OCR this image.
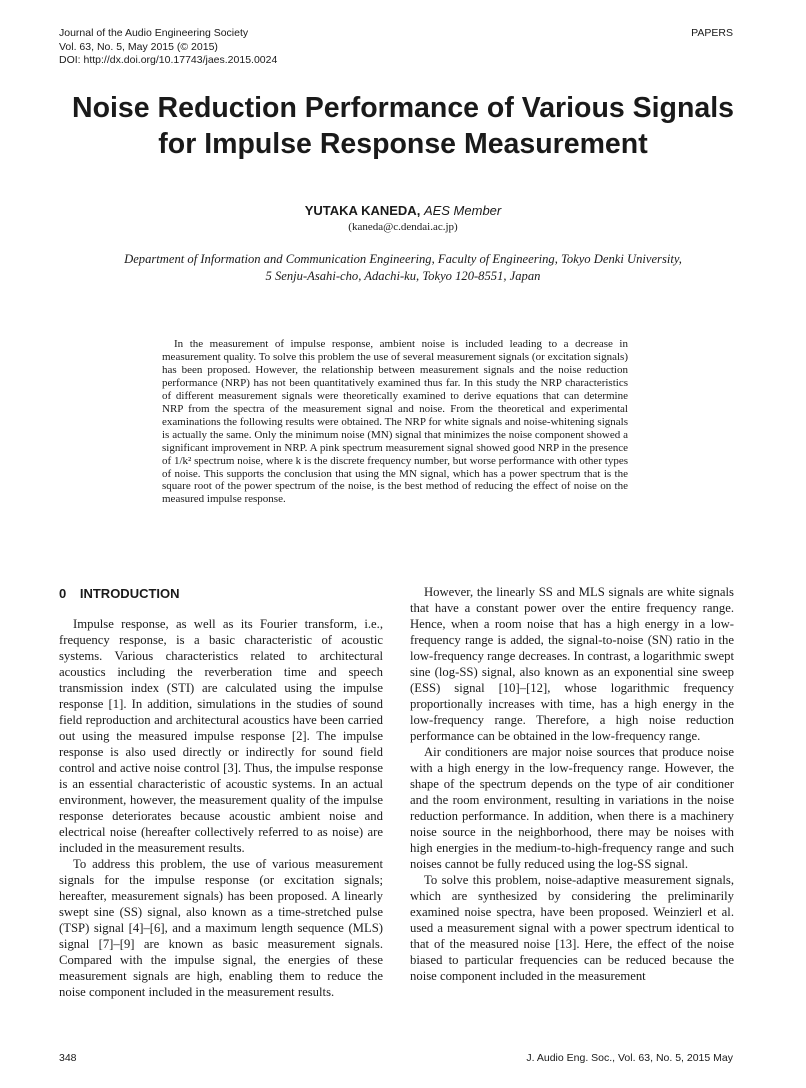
Journal of the Audio Engineering Society
Vol. 63, No. 5, May 2015 (© 2015)
DOI: http://dx.doi.org/10.17743/jaes.2015.0024
PAPERS
Noise Reduction Performance of Various Signals
for Impulse Response Measurement
YUTAKA KANEDA, AES Member
(kaneda@c.dendai.ac.jp)
Department of Information and Communication Engineering, Faculty of Engineering, Tokyo Denki University,
5 Senju-Asahi-cho, Adachi-ku, Tokyo 120-8551, Japan

In the measurement of impulse response, ambient noise is included leading to a decrease in measurement quality. To solve this problem the use of several measurement signals (or excitation signals) has been proposed. However, the relationship between measurement signals and the noise reduction performance (NRP) has not been quantitatively examined thus far. In this study the NRP characteristics of different measurement signals were theoretically examined to derive equations that can determine NRP from the spectra of the measurement signal and noise. From the theoretical and experimental examinations the following results were obtained. The NRP for white signals and noise-whitening signals is actually the same. Only the minimum noise (MN) signal that minimizes the noise component showed a significant improvement in NRP. A pink spectrum measurement signal showed good NRP in the presence of 1/k² spectrum noise, where k is the discrete frequency number, but worse performance with other types of noise. This supports the conclusion that using the MN signal, which has a power spectrum that is the square root of the power spectrum of the noise, is the best method of reducing the effect of noise on the measured impulse response.

0 INTRODUCTION

Impulse response, as well as its Fourier transform, i.e., frequency response, is a basic characteristic of acoustic systems. Various characteristics related to architectural acoustics including the reverberation time and speech transmission index (STI) are calculated using the impulse response [1]. In addition, simulations in the studies of sound field reproduction and architectural acoustics have been carried out using the measured impulse response [2]. The impulse response is also used directly or indirectly for sound field control and active noise control [3]. Thus, the impulse response is an essential characteristic of acoustic systems. In an actual environment, however, the measurement quality of the impulse response deteriorates because acoustic ambient noise and electrical noise (hereafter collectively referred to as noise) are included in the measurement results.

To address this problem, the use of various measurement signals for the impulse response (or excitation signals; hereafter, measurement signals) has been proposed. A linearly swept sine (SS) signal, also known as a time-stretched pulse (TSP) signal [4]–[6], and a maximum length sequence (MLS) signal [7]–[9] are known as basic measurement signals. Compared with the impulse signal, the energies of these measurement signals are high, enabling them to reduce the noise component included in the measurement results.

However, the linearly SS and MLS signals are white signals that have a constant power over the entire frequency range. Hence, when a room noise that has a high energy in a low-frequency range is added, the signal-to-noise (SN) ratio in the low-frequency range decreases. In contrast, a logarithmic swept sine (log-SS) signal, also known as an exponential sine sweep (ESS) signal [10]–[12], whose logarithmic frequency proportionally increases with time, has a high energy in the low-frequency range. Therefore, a high noise reduction performance can be obtained in the low-frequency range.

Air conditioners are major noise sources that produce noise with a high energy in the low-frequency range. However, the shape of the spectrum depends on the type of air conditioner and the room environment, resulting in variations in the noise reduction performance. In addition, when there is a machinery noise source in the neighborhood, there may be noises with high energies in the medium-to-high-frequency range and such noises cannot be fully reduced using the log-SS signal.

To solve this problem, noise-adaptive measurement signals, which are synthesized by considering the preliminarily examined noise spectra, have been proposed. Weinzierl et al. used a measurement signal with a power spectrum identical to that of the measured noise [13]. Here, the effect of the noise biased to particular frequencies can be reduced because the noise component included in the measurement

348	J. Audio Eng. Soc., Vol. 63, No. 5, 2015 May
